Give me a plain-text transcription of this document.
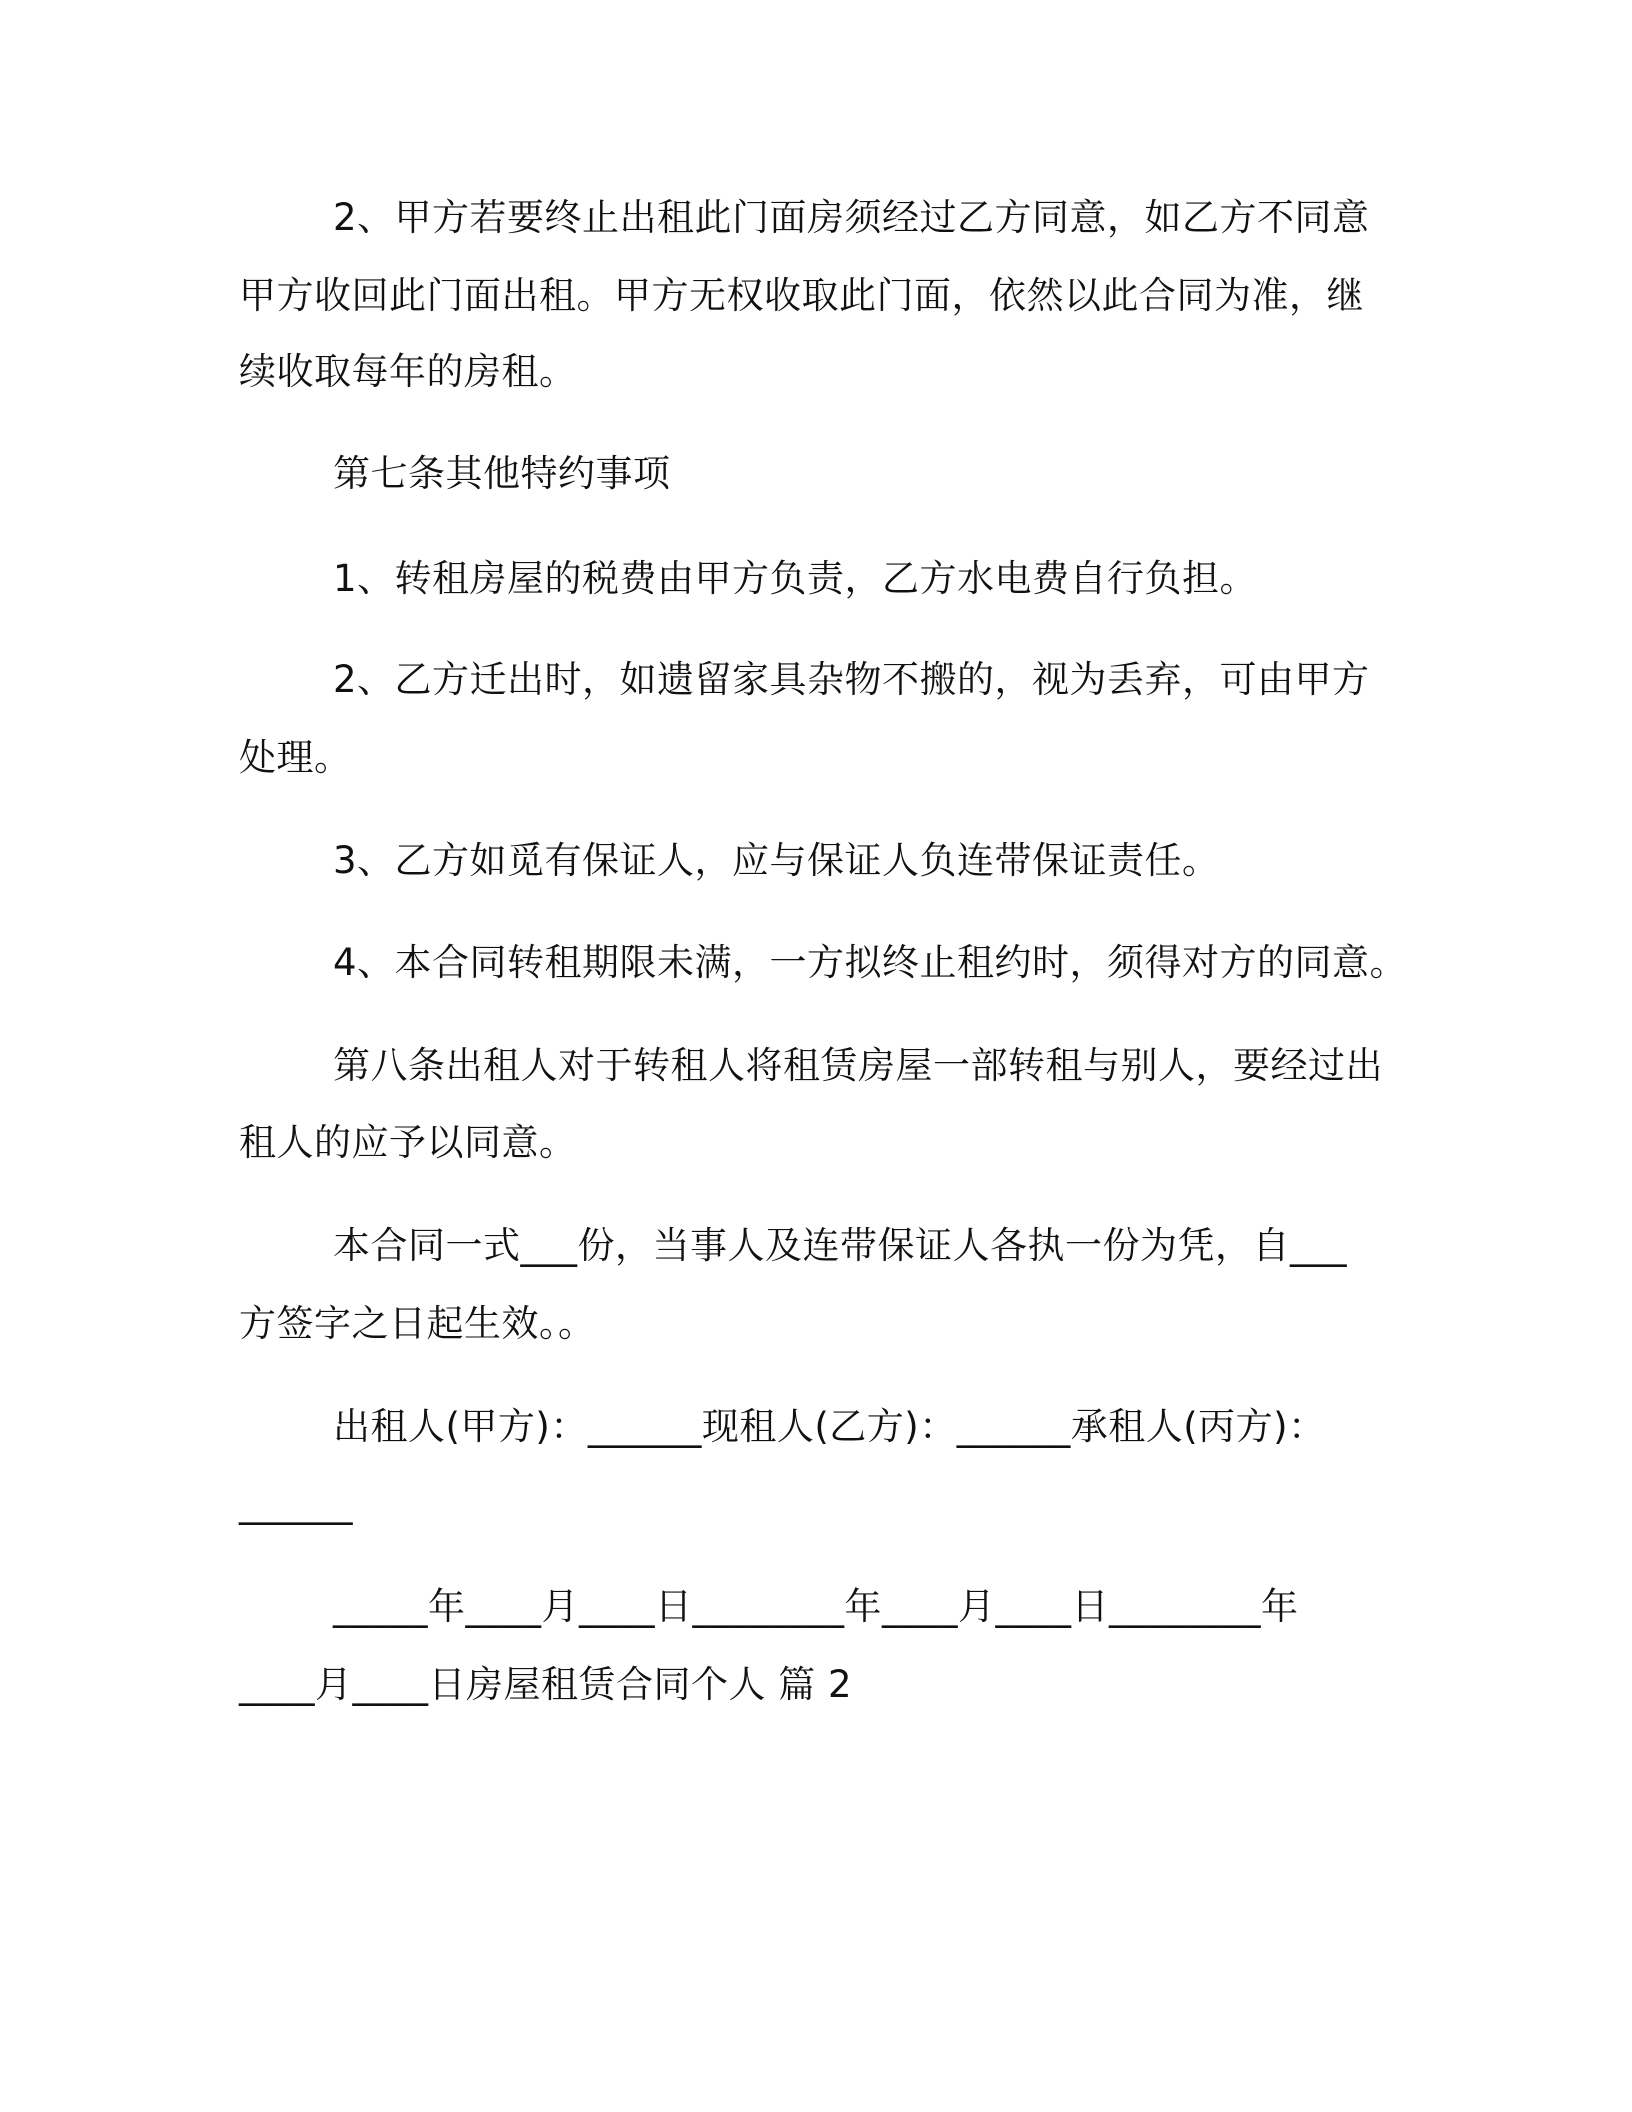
2、甲方若要终止出租此门面房须经过乙方同意，如乙方不同意
甲方收回此门面出租。甲方无权收取此门面，依然以此合同为准，继
续收取每年的房租。
第七条其他特约事项
1、转租房屋的税费由甲方负责，乙方水电费自行负担。
2、乙方迁出时，如遗留家具杂物不搬的，视为丢弃，可由甲方
处理。
3、乙方如觅有保证人，应与保证人负连带保证责任。
4、本合同转租期限未满，一方拟终止租约时，须得对方的同意。
第八条出租人对于转租人将租赁房屋一部转租与别人，要经过出
租人的应予以同意。
本合同一式___份，当事人及连带保证人各执一份为凭，自___
方签字之日起生效。。
出租人(甲方)：______现租人(乙方)：______承租人(丙方)：
______
_____年____月____日________年____月____日________年
____月____日房屋租赁合同个人 篇 2
